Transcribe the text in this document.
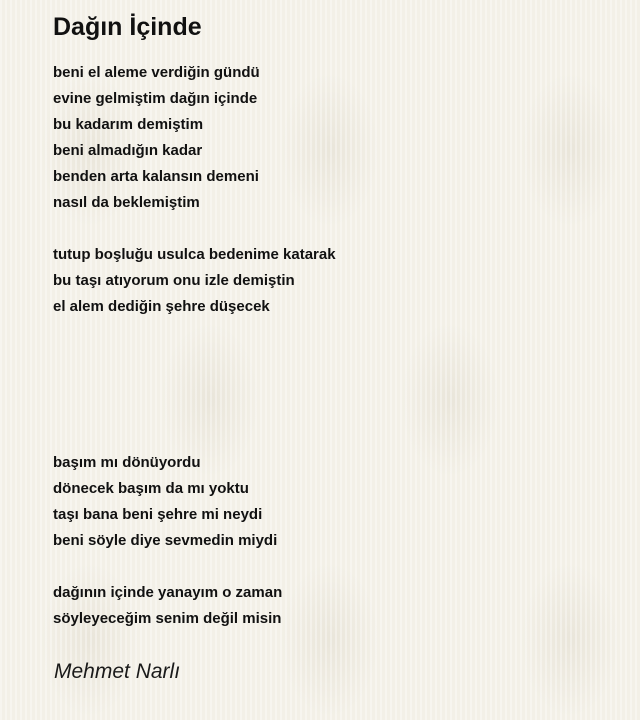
Dağın İçinde
beni el aleme verdiğin gündü
evine gelmiştim dağın içinde
bu kadarım demiştim
beni almadığın kadar
benden arta kalansın demeni
nasıl da beklemiştim
tutup boşluğu usulca bedenime katarak
bu taşı atıyorum onu izle demiştin
el alem dediğin şehre düşecek
başım mı dönüyordu
dönecek başım da mı yoktu
taşı bana beni şehre mi neydi
beni söyle diye sevmedin miydi
dağının içinde yanayım o zaman
söyleyeceğim senim değil misin
Mehmet Narlı
